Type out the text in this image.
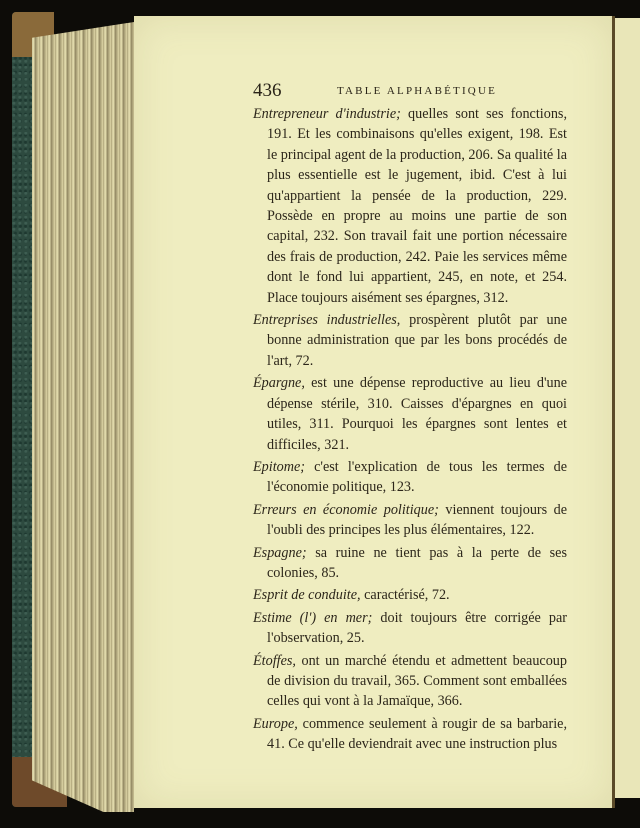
436	TABLE ALPHABÉTIQUE

Entrepreneur d'industrie; quelles sont ses fonctions, 191. Et les combinaisons qu'elles exigent, 198. Est le principal agent de la production, 206. Sa qualité la plus essentielle est le jugement, ibid. C'est à lui qu'appartient la pensée de la production, 229. Possède en propre au moins une partie de son capital, 232. Son travail fait une portion nécessaire des frais de production, 242. Paie les services même dont le fond lui appartient, 245, en note, et 254. Place toujours aisément ses épargnes, 312.

Entreprises industrielles, prospèrent plutôt par une bonne administration que par les bons procédés de l'art, 72.

Épargne, est une dépense reproductive au lieu d'une dépense stérile, 310. Caisses d'épargnes en quoi utiles, 311. Pourquoi les épargnes sont lentes et difficiles, 321.

Epitome; c'est l'explication de tous les termes de l'économie politique, 123.

Erreurs en économie politique; viennent toujours de l'oubli des principes les plus élémentaires, 122.

Espagne; sa ruine ne tient pas à la perte de ses colonies, 85.

Esprit de conduite, caractérisé, 72.

Estime (l') en mer; doit toujours être corrigée par l'observation, 25.

Étoffes, ont un marché étendu et admettent beaucoup de division du travail, 365. Comment sont emballées celles qui vont à la Jamaïque, 366.

Europe, commence seulement à rougir de sa barbarie, 41. Ce qu'elle deviendrait avec une instruction plus
